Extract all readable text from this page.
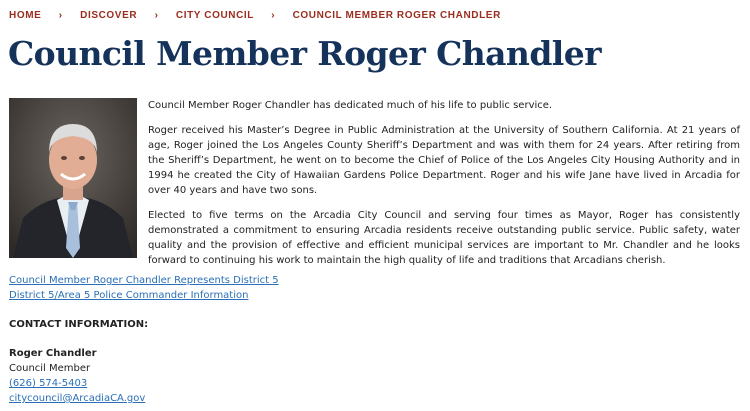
HOME › DISCOVER › CITY COUNCIL › COUNCIL MEMBER ROGER CHANDLER
Council Member Roger Chandler

Council Member Roger Chandler has dedicated much of his life to public service.

Roger received his Master’s Degree in Public Administration at the University of Southern California. At 21 years of age, Roger joined the Los Angeles County Sheriff’s Department and was with them for 24 years. After retiring from the Sheriff’s Department, he went on to become the Chief of Police of the Los Angeles City Housing Authority and in 1994 he created the City of Hawaiian Gardens Police Department. Roger and his wife Jane have lived in Arcadia for over 40 years and have two sons.

Elected to five terms on the Arcadia City Council and serving four times as Mayor, Roger has consistently demonstrated a commitment to ensuring Arcadia residents receive outstanding public service. Public safety, water quality and the provision of effective and efficient municipal services are important to Mr. Chandler and he looks forward to continuing his work to maintain the high quality of life and traditions that Arcadians cherish.

Council Member Roger Chandler Represents District 5
District 5/Area 5 Police Commander Information
CONTACT INFORMATION:
Roger Chandler
Council Member
(626) 574-5403
citycouncil@ArcadiaCA.gov
